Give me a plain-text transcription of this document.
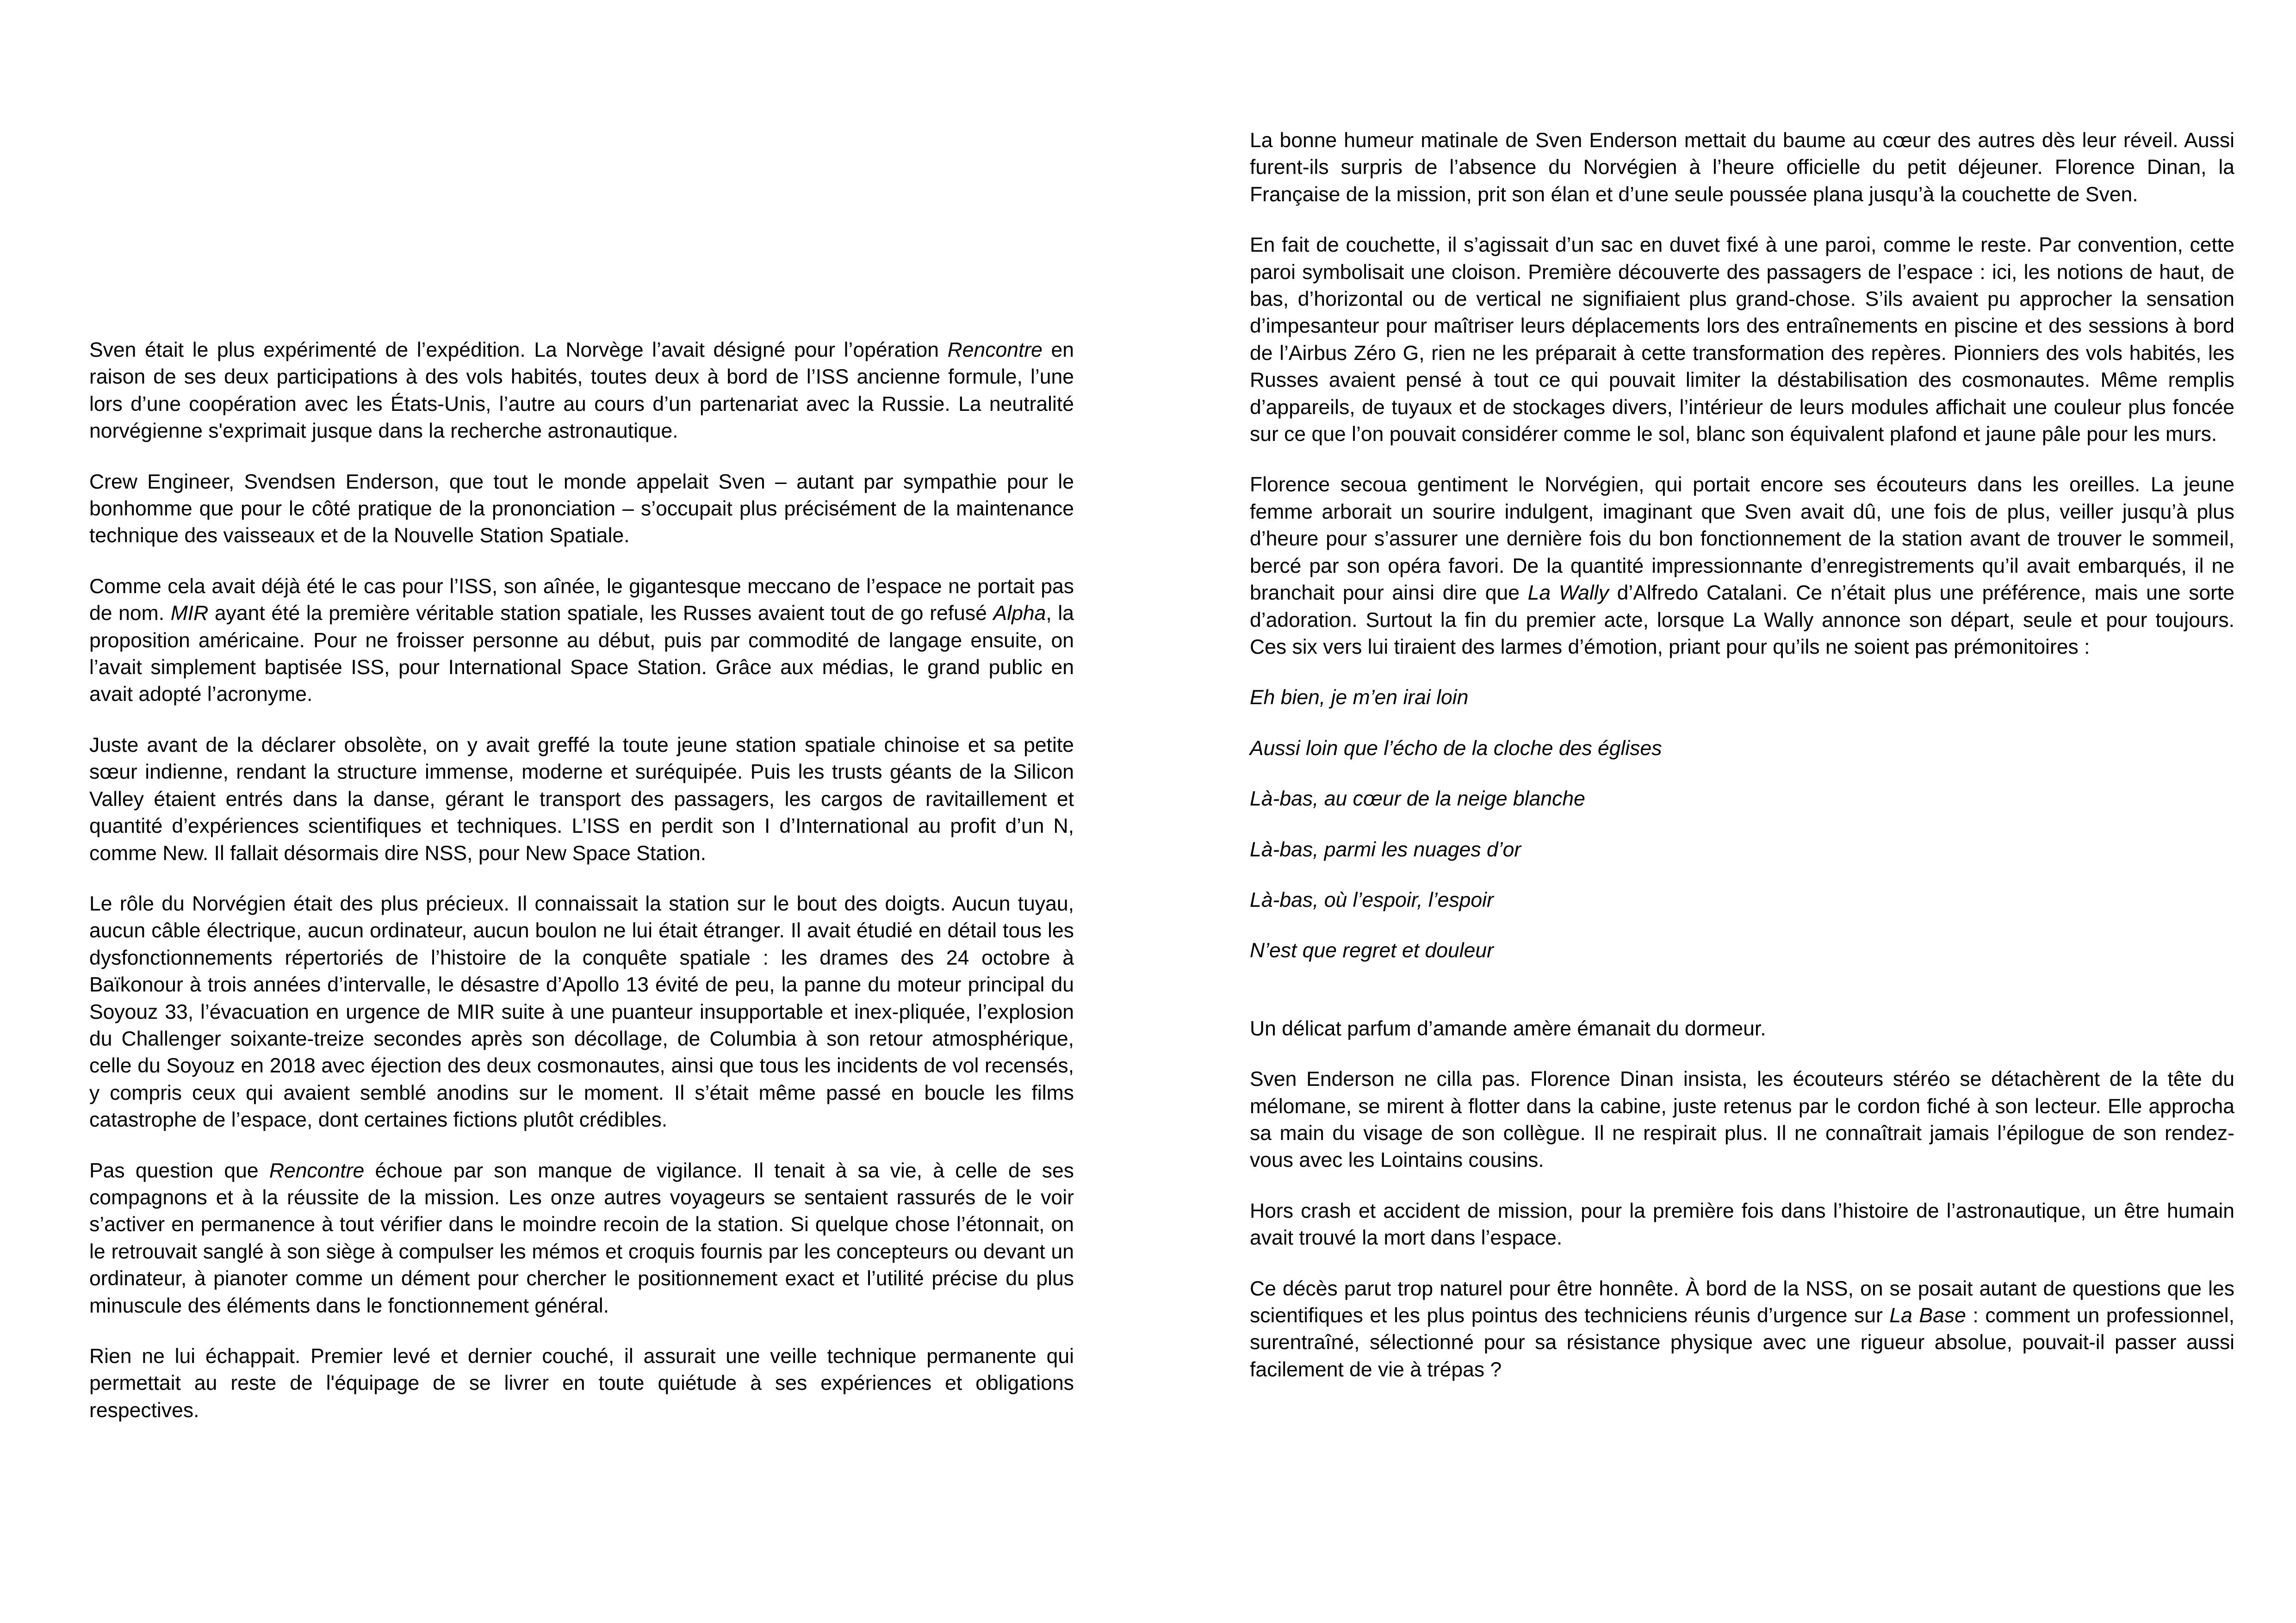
Sven était le plus expérimenté de l’expédition. La Norvège l’avait désigné pour l’opération Rencontre en raison de ses deux participations à des vols habités, toutes deux à bord de l’ISS ancienne formule, l’une lors d’une coopération avec les États-Unis, l’autre au cours d’un partenariat avec la Russie. La neutralité norvégienne s'exprimait jusque dans la recherche astronautique.

Crew Engineer, Svendsen Enderson, que tout le monde appelait Sven – autant par sympathie pour le bonhomme que pour le côté pratique de la prononciation – s’occupait plus précisément de la maintenance technique des vaisseaux et de la Nouvelle Station Spatiale.

Comme cela avait déjà été le cas pour l’ISS, son aînée, le gigantesque meccano de l’espace ne portait pas de nom. MIR ayant été la première véritable station spatiale, les Russes avaient tout de go refusé Alpha, la proposition américaine. Pour ne froisser personne au début, puis par commodité de langage ensuite, on l’avait simplement baptisée ISS, pour International Space Station. Grâce aux médias, le grand public en avait adopté l’acronyme.

Juste avant de la déclarer obsolète, on y avait greffé la toute jeune station spatiale chinoise et sa petite sœur indienne, rendant la structure immense, moderne et suréquipée. Puis les trusts géants de la Silicon Valley étaient entrés dans la danse, gérant le transport des passagers, les cargos de ravitaillement et quantité d’expériences scientifiques et techniques. L’ISS en perdit son I d’International au profit d’un N, comme New. Il fallait désormais dire NSS, pour New Space Station.

Le rôle du Norvégien était des plus précieux. Il connaissait la station sur le bout des doigts. Aucun tuyau, aucun câble électrique, aucun ordinateur, aucun boulon ne lui était étranger. Il avait étudié en détail tous les dysfonctionnements répertoriés de l’histoire de la conquête spatiale : les drames des 24 octobre à Baïkonour à trois années d’intervalle, le désastre d’Apollo 13 évité de peu, la panne du moteur principal du Soyouz 33, l’évacuation en urgence de MIR suite à une puanteur insupportable et inex-pliquée, l’explosion du Challenger soixante-treize secondes après son décollage, de Columbia à son retour atmosphérique, celle du Soyouz en 2018 avec éjection des deux cosmonautes, ainsi que tous les incidents de vol recensés, y compris ceux qui avaient semblé anodins sur le moment. Il s’était même passé en boucle les films catastrophe de l’espace, dont certaines fictions plutôt crédibles.

Pas question que Rencontre échoue par son manque de vigilance. Il tenait à sa vie, à celle de ses compagnons et à la réussite de la mission. Les onze autres voyageurs se sentaient rassurés de le voir s’activer en permanence à tout vérifier dans le moindre recoin de la station. Si quelque chose l’étonnait, on le retrouvait sanglé à son siège à compulser les mémos et croquis fournis par les concepteurs ou devant un ordinateur, à pianoter comme un dément pour chercher le positionnement exact et l’utilité précise du plus minuscule des éléments dans le fonctionnement général.

Rien ne lui échappait. Premier levé et dernier couché, il assurait une veille technique permanente qui permettait au reste de l'équipage de se livrer en toute quiétude à ses expériences et obligations respectives.

La bonne humeur matinale de Sven Enderson mettait du baume au cœur des autres dès leur réveil. Aussi furent-ils surpris de l’absence du Norvégien à l’heure officielle du petit déjeuner. Florence Dinan, la Française de la mission, prit son élan et d’une seule poussée plana jusqu’à la couchette de Sven.

En fait de couchette, il s’agissait d’un sac en duvet fixé à une paroi, comme le reste. Par convention, cette paroi symbolisait une cloison. Première découverte des passagers de l’espace : ici, les notions de haut, de bas, d’horizontal ou de vertical ne signifiaient plus grand-chose. S’ils avaient pu approcher la sensation d’impesanteur pour maîtriser leurs déplacements lors des entraînements en piscine et des sessions à bord de l’Airbus Zéro G, rien ne les préparait à cette transformation des repères. Pionniers des vols habités, les Russes avaient pensé à tout ce qui pouvait limiter la déstabilisation des cosmonautes. Même remplis d’appareils, de tuyaux et de stockages divers, l’intérieur de leurs modules affichait une couleur plus foncée sur ce que l’on pouvait considérer comme le sol, blanc son équivalent plafond et jaune pâle pour les murs.

Florence secoua gentiment le Norvégien, qui portait encore ses écouteurs dans les oreilles. La jeune femme arborait un sourire indulgent, imaginant que Sven avait dû, une fois de plus, veiller jusqu’à plus d’heure pour s’assurer une dernière fois du bon fonctionnement de la station avant de trouver le sommeil, bercé par son opéra favori. De la quantité impressionnante d’enregistrements qu’il avait embarqués, il ne branchait pour ainsi dire que La Wally d’Alfredo Catalani. Ce n’était plus une préférence, mais une sorte d’adoration. Surtout la fin du premier acte, lorsque La Wally annonce son départ, seule et pour toujours. Ces six vers lui tiraient des larmes d’émotion, priant pour qu’ils ne soient pas prémonitoires :

Eh bien, je m’en irai loin

Aussi loin que l’écho de la cloche des églises

Là-bas, au cœur de la neige blanche

Là-bas, parmi les nuages d’or

Là-bas, où l’espoir, l’espoir

N’est que regret et douleur

Un délicat parfum d’amande amère émanait du dormeur.

Sven Enderson ne cilla pas. Florence Dinan insista, les écouteurs stéréo se détachèrent de la tête du mélomane, se mirent à flotter dans la cabine, juste retenus par le cordon fiché à son lecteur. Elle approcha sa main du visage de son collègue. Il ne respirait plus. Il ne connaîtrait jamais l’épilogue de son rendez-vous avec les Lointains cousins.

Hors crash et accident de mission, pour la première fois dans l’histoire de l’astronautique, un être humain avait trouvé la mort dans l’espace.

Ce décès parut trop naturel pour être honnête. À bord de la NSS, on se posait autant de questions que les scientifiques et les plus pointus des techniciens réunis d’urgence sur La Base : comment un professionnel, surentraîné, sélectionné pour sa résistance physique avec une rigueur absolue, pouvait-il passer aussi facilement de vie à trépas ?
